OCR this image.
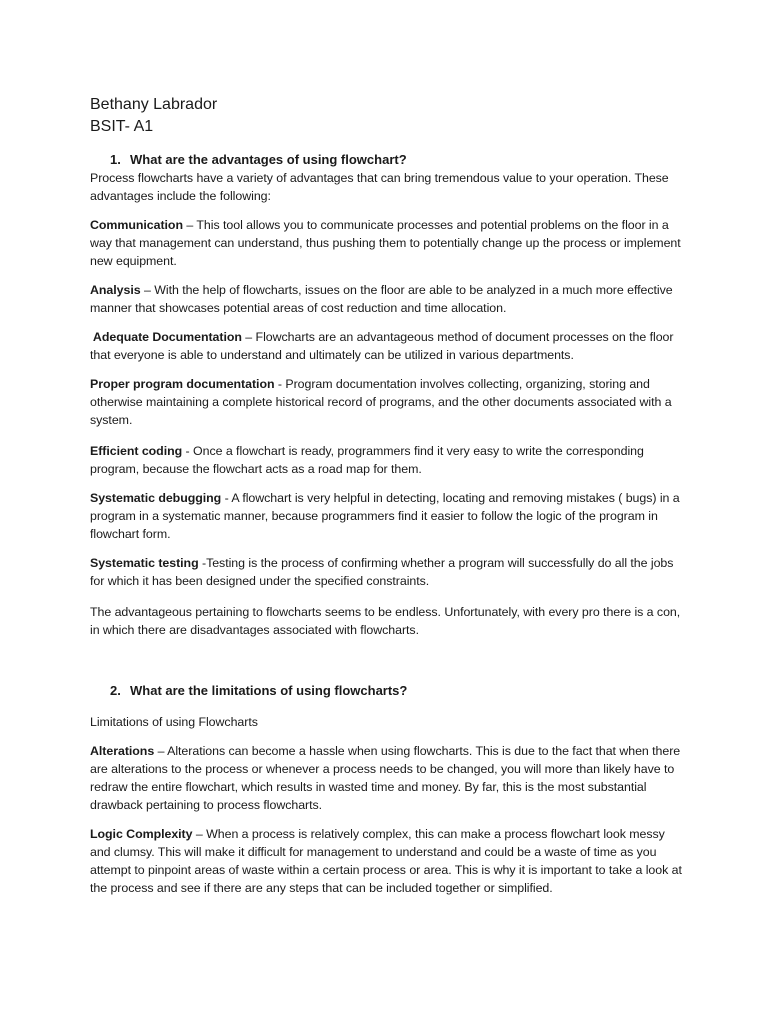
Bethany Labrador

BSIT- A1

1. What are the advantages of using flowchart?

Process flowcharts have a variety of advantages that can bring tremendous value to your operation. These advantages include the following:

Communication – This tool allows you to communicate processes and potential problems on the floor in a way that management can understand, thus pushing them to potentially change up the process or implement new equipment.

Analysis – With the help of flowcharts, issues on the floor are able to be analyzed in a much more effective manner that showcases potential areas of cost reduction and time allocation.

Adequate Documentation – Flowcharts are an advantageous method of document processes on the floor that everyone is able to understand and ultimately can be utilized in various departments.

Proper program documentation - Program documentation involves collecting, organizing, storing and otherwise maintaining a complete historical record of programs, and the other documents associated with a system.

Efficient coding - Once a flowchart is ready, programmers find it very easy to write the corresponding program, because the flowchart acts as a road map for them.

Systematic debugging - A flowchart is very helpful in detecting, locating and removing mistakes ( bugs) in a program in a systematic manner, because programmers find it easier to follow the logic of the program in flowchart form.

Systematic testing -Testing is the process of confirming whether a program will successfully do all the jobs for which it has been designed under the specified constraints.

The advantageous pertaining to flowcharts seems to be endless. Unfortunately, with every pro there is a con, in which there are disadvantages associated with flowcharts.

2. What are the limitations of using flowcharts?

Limitations of using Flowcharts

Alterations – Alterations can become a hassle when using flowcharts. This is due to the fact that when there are alterations to the process or whenever a process needs to be changed, you will more than likely have to redraw the entire flowchart, which results in wasted time and money. By far, this is the most substantial drawback pertaining to process flowcharts.

Logic Complexity – When a process is relatively complex, this can make a process flowchart look messy and clumsy. This will make it difficult for management to understand and could be a waste of time as you attempt to pinpoint areas of waste within a certain process or area. This is why it is important to take a look at the process and see if there are any steps that can be included together or simplified.
